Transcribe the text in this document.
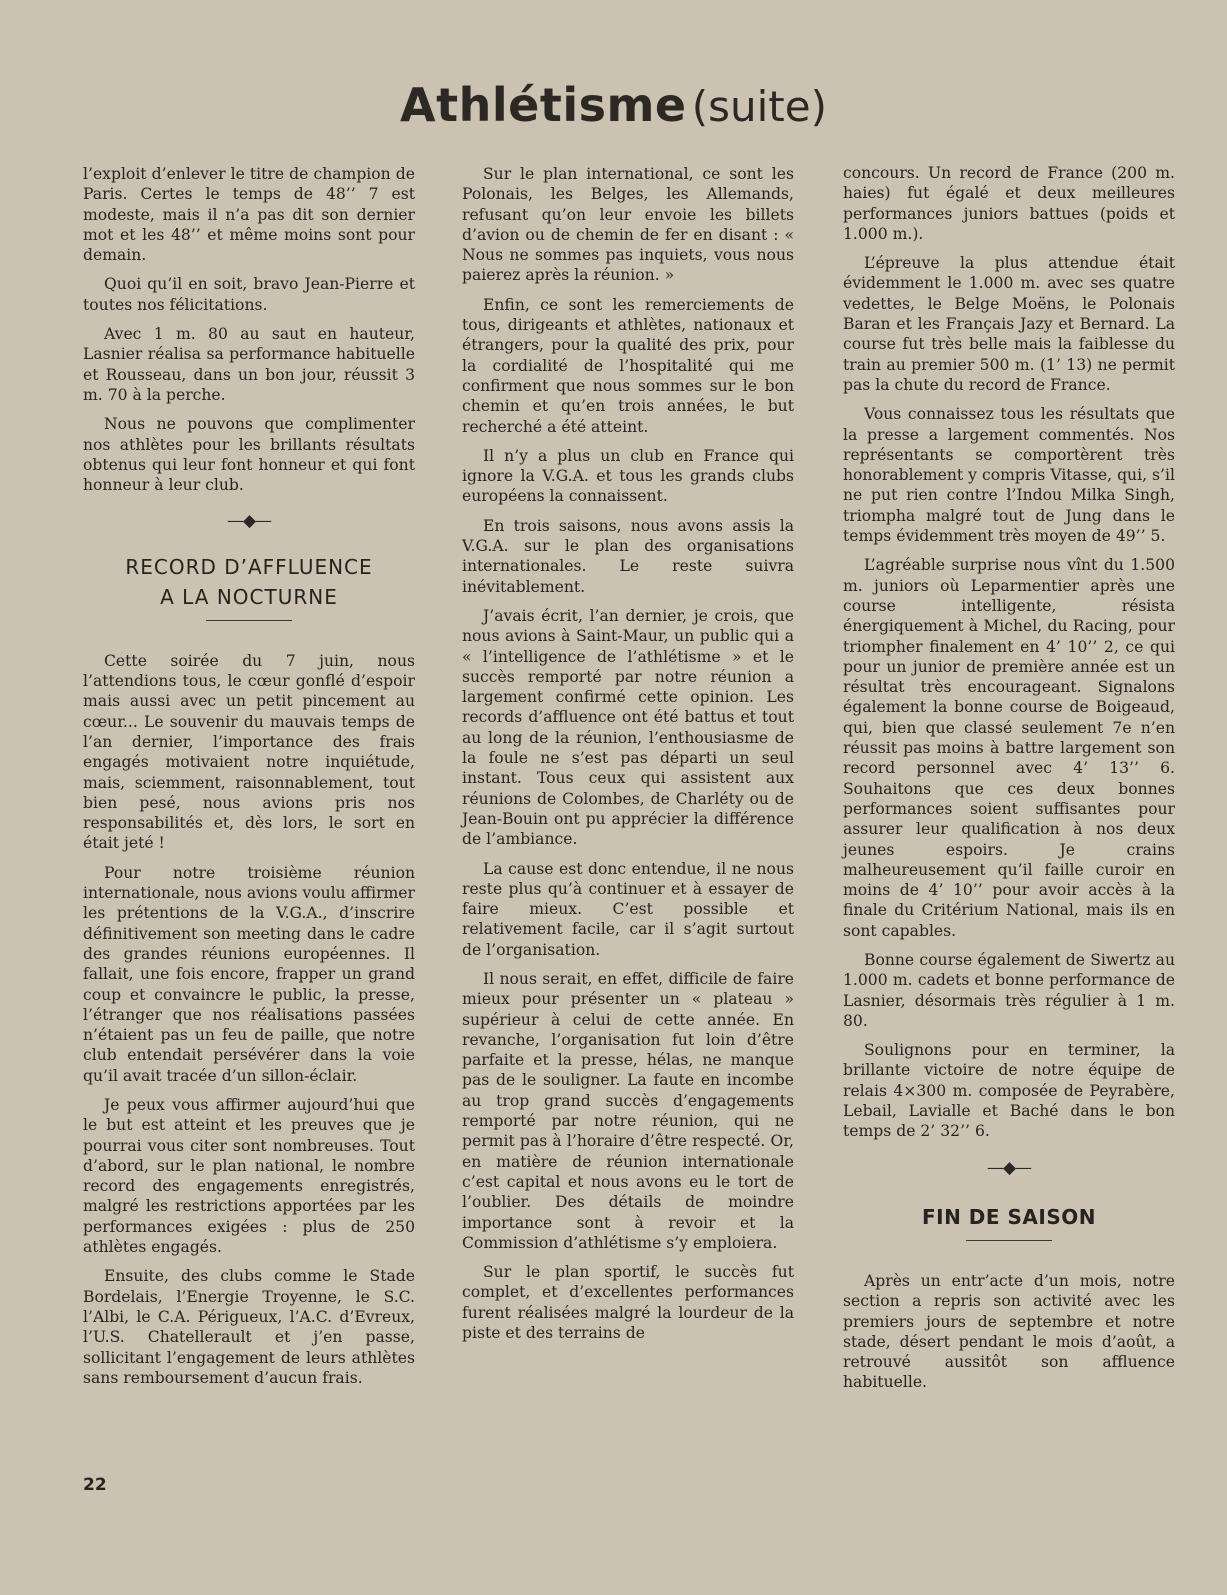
Athlétisme (suite)

l’exploit d’enlever le titre de champion de Paris. Certes le temps de 48’’ 7 est modeste, mais il n’a pas dit son dernier mot et les 48’’ et même moins sont pour demain.

Quoi qu’il en soit, bravo Jean-Pierre et toutes nos félicitations.

Avec 1 m. 80 au saut en hauteur, Lasnier réalisa sa performance habituelle et Rousseau, dans un bon jour, réussit 3 m. 70 à la perche.

Nous ne pouvons que complimenter nos athlètes pour les brillants résultats obtenus qui leur font honneur et qui font honneur à leur club.

—◆—
RECORD D’AFFLUENCE
A LA NOCTURNE

Cette soirée du 7 juin, nous l’attendions tous, le cœur gonflé d’espoir mais aussi avec un petit pincement au cœur... Le souvenir du mauvais temps de l’an dernier, l’importance des frais engagés motivaient notre inquiétude, mais, sciemment, raisonnablement, tout bien pesé, nous avions pris nos responsabilités et, dès lors, le sort en était jeté !

Pour notre troisième réunion internationale, nous avions voulu affirmer les prétentions de la V.G.A., d’inscrire définitivement son meeting dans le cadre des grandes réunions européennes. Il fallait, une fois encore, frapper un grand coup et convaincre le public, la presse, l’étranger que nos réalisations passées n’étaient pas un feu de paille, que notre club entendait persévérer dans la voie qu’il avait tracée d’un sillon-éclair.

Je peux vous affirmer aujourd’hui que le but est atteint et les preuves que je pourrai vous citer sont nombreuses. Tout d’abord, sur le plan national, le nombre record des engagements enregistrés, malgré les restrictions apportées par les performances exigées : plus de 250 athlètes engagés.

Ensuite, des clubs comme le Stade Bordelais, l’Energie Troyenne, le S.C. l’Albi, le C.A. Périgueux, l’A.C. d’Evreux, l’U.S. Chatellerault et j’en passe, sollicitant l’engagement de leurs athlètes sans remboursement d’aucun frais.

Sur le plan international, ce sont les Polonais, les Belges, les Allemands, refusant qu’on leur envoie les billets d’avion ou de chemin de fer en disant : « Nous ne sommes pas inquiets, vous nous paierez après la réunion. »

Enfin, ce sont les remerciements de tous, dirigeants et athlètes, nationaux et étrangers, pour la qualité des prix, pour la cordialité de l’hospitalité qui me confirment que nous sommes sur le bon chemin et qu’en trois années, le but recherché a été atteint.

Il n’y a plus un club en France qui ignore la V.G.A. et tous les grands clubs européens la connaissent.

En trois saisons, nous avons assis la V.G.A. sur le plan des organisations internationales. Le reste suivra inévitablement.

J’avais écrit, l’an dernier, je crois, que nous avions à Saint-Maur, un public qui a « l’intelligence de l’athlétisme » et le succès remporté par notre réunion a largement confirmé cette opinion. Les records d’affluence ont été battus et tout au long de la réunion, l’enthousiasme de la foule ne s’est pas départi un seul instant. Tous ceux qui assistent aux réunions de Colombes, de Charléty ou de Jean-Bouin ont pu apprécier la différence de l’ambiance.

La cause est donc entendue, il ne nous reste plus qu’à continuer et à essayer de faire mieux. C’est possible et relativement facile, car il s’agit surtout de l’organisation.

Il nous serait, en effet, difficile de faire mieux pour présenter un « plateau » supérieur à celui de cette année. En revanche, l’organisation fut loin d’être parfaite et la presse, hélas, ne manque pas de le souligner. La faute en incombe au trop grand succès d’engagements remporté par notre réunion, qui ne permit pas à l’horaire d’être respecté. Or, en matière de réunion internationale c’est capital et nous avons eu le tort de l’oublier. Des détails de moindre importance sont à revoir et la Commission d’athlétisme s’y emploiera.

Sur le plan sportif, le succès fut complet, et d’excellentes performances furent réalisées malgré la lourdeur de la piste et des terrains de

concours. Un record de France (200 m. haies) fut égalé et deux meilleures performances juniors battues (poids et 1.000 m.).

L’épreuve la plus attendue était évidemment le 1.000 m. avec ses quatre vedettes, le Belge Moëns, le Polonais Baran et les Français Jazy et Bernard. La course fut très belle mais la faiblesse du train au premier 500 m. (1’ 13) ne permit pas la chute du record de France.

Vous connaissez tous les résultats que la presse a largement commentés. Nos représentants se comportèrent très honorablement y compris Vitasse, qui, s’il ne put rien contre l’Indou Milka Singh, triompha malgré tout de Jung dans le temps évidemment très moyen de 49’’ 5.

L’agréable surprise nous vînt du 1.500 m. juniors où Leparmentier après une course intelligente, résista énergiquement à Michel, du Racing, pour triompher finalement en 4’ 10’’ 2, ce qui pour un junior de première année est un résultat très encourageant. Signalons également la bonne course de Boigeaud, qui, bien que classé seulement 7e n’en réussit pas moins à battre largement son record personnel avec 4’ 13’’ 6. Souhaitons que ces deux bonnes performances soient suffisantes pour assurer leur qualification à nos deux jeunes espoirs. Je crains malheureusement qu’il faille curoir en moins de 4’ 10’’ pour avoir accès à la finale du Critérium National, mais ils en sont capables.

Bonne course également de Siwertz au 1.000 m. cadets et bonne performance de Lasnier, désormais très régulier à 1 m. 80.

Soulignons pour en terminer, la brillante victoire de notre équipe de relais 4×300 m. composée de Peyrabère, Lebail, Lavialle et Baché dans le bon temps de 2’ 32’’ 6.

—◆—
FIN DE SAISON

Après un entr’acte d’un mois, notre section a repris son activité avec les premiers jours de septembre et notre stade, désert pendant le mois d’août, a retrouvé aussitôt son affluence habituelle.

22
